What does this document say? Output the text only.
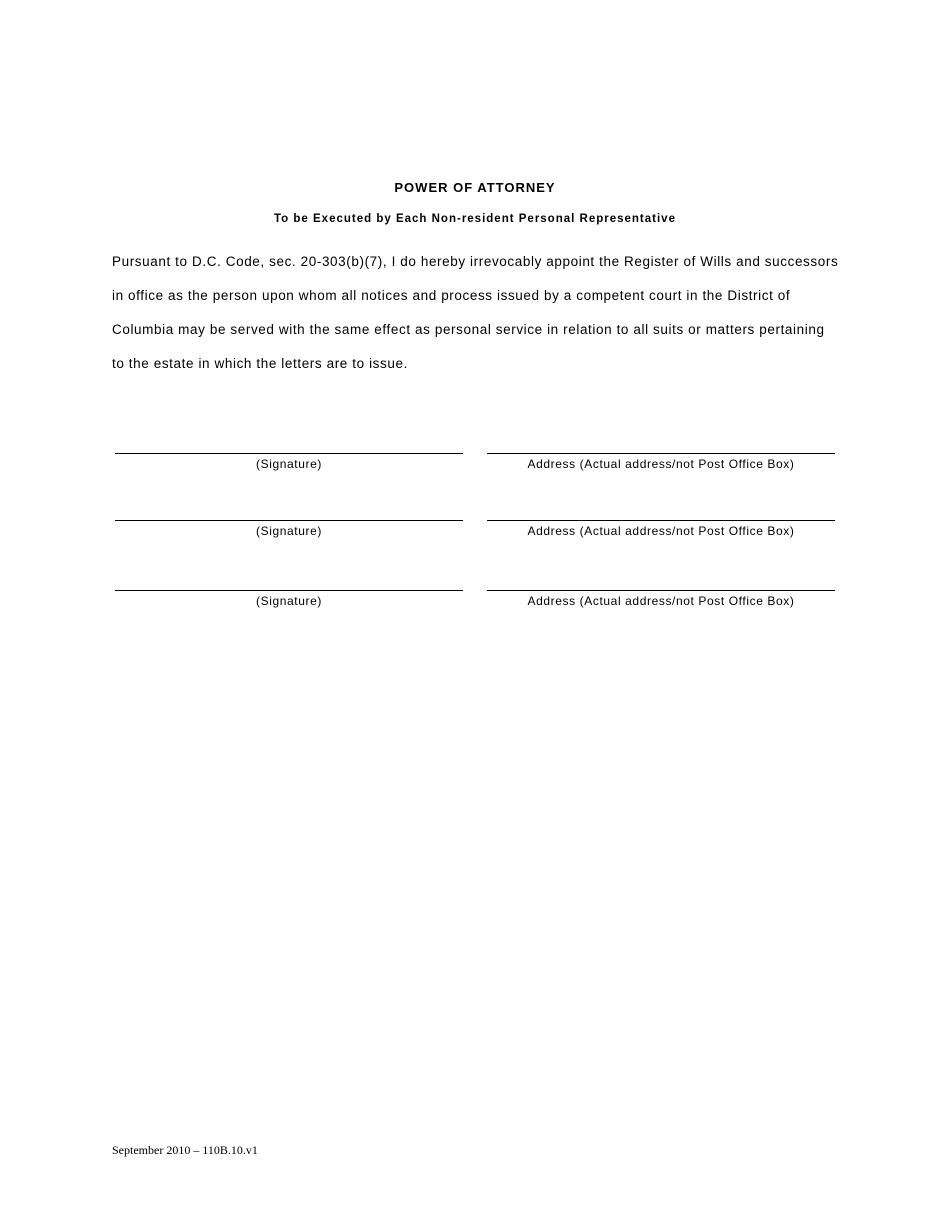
POWER OF ATTORNEY
To be Executed by Each Non-resident Personal Representative

Pursuant to D.C. Code, sec. 20-303(b)(7), I do hereby irrevocably appoint the Register of Wills and successors in office as the person upon whom all notices and process issued by a competent court in the District of Columbia may be served with the same effect as personal service in relation to all suits or matters pertaining to the estate in which the letters are to issue.

(Signature)	Address (Actual address/not Post Office Box)
(Signature)	Address (Actual address/not Post Office Box)
(Signature)	Address (Actual address/not Post Office Box)

September 2010 – 110B.10.v1
